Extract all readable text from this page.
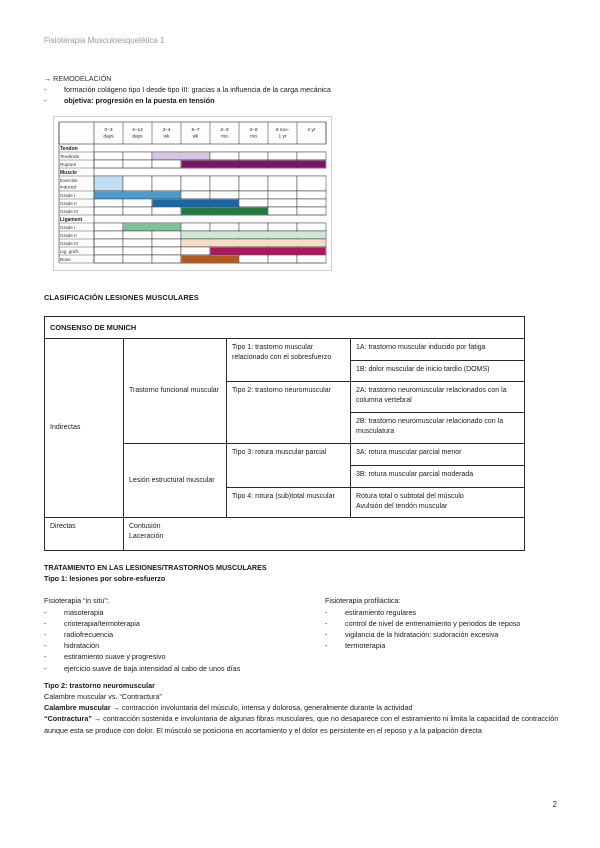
Fisioterapia Musculoesquelética 1
→ REMODELACIÓN
-	formación colágeno tipo I desde tipo III: gracias a la influencia de la carga mecánica
-	objetiva: progresión en la puesta en tensión
0–3
days
4–14
days
3–4
wk
5–7
wk
2–3
mo
3–6
mo
6 mo–
1 yr
2 yr
Tendon
Tendinitis
Rupture
Muscle
Exercise
induced
Grade I
Grade II
Grade III
Ligament
Grade I
Grade II
Grade III
Lig. graft
Bone
CLASIFICACIÓN LESIONES MUSCULARES
CONSENSO DE MUNICH			
Indirectas	Trastorno funcional muscular	Tipo 1: trastorno muscular relacionado con el sobresfuerzo	1A: trastorno muscular inducido por fatiga
			1B: dolor muscular de inicio tardío (DOMS)
		Tipo 2: trastorno neuromuscular	2A: trastorno neuromuscular relacionados con la columna vertebral
			2B: trastorno neuromuscular relacionado con la musculatura
	Lesión estructural muscular	Tipo 3: rotura muscular parcial	3A: rotura muscular parcial menor
			3B: rotura muscular parcial moderada
		Tipo 4: rotura (sub)total muscular	Rotura total o subtotal del músculo
Avulsión del tendón muscular

Directas	Contusión
Laceración		
TRATAMIENTO EN LAS LESIONES/TRASTORNOS MUSCULARES
Tipo 1: lesiones por sobre-esfuerzo
Fisioterapia “in situ”:
-	masoterapia
-	crioterapia/termoterapia
-	radiofrecuencia
-	hidratación
-	estiramiento suave y progresivo
-	ejercicio suave de baja intensidad al cabo de unos días
Fisioterapia profiláctica:
-	estiramiento regulares
-	control de nivel de entrenamiento y periodos de reposo
-	vigilancia de la hidratación: sudoración excesiva
-	termoterapia
Tipo 2: trastorno neuromuscular
Calambre muscular vs. “Contractura”
Calambre muscular → contracción involuntaria del músculo, intensa y dolorosa, generalmente durante la actividad
“Contractura” → contracción sostenida e involuntaria de algunas fibras musculares, que no desaparece con el estiramiento ni limita la capacidad de contracción aunque esta se produce con dolor. El músculo se posiciona en acortamiento y el dolor es persistente en el reposo y a la palpación directa
2
